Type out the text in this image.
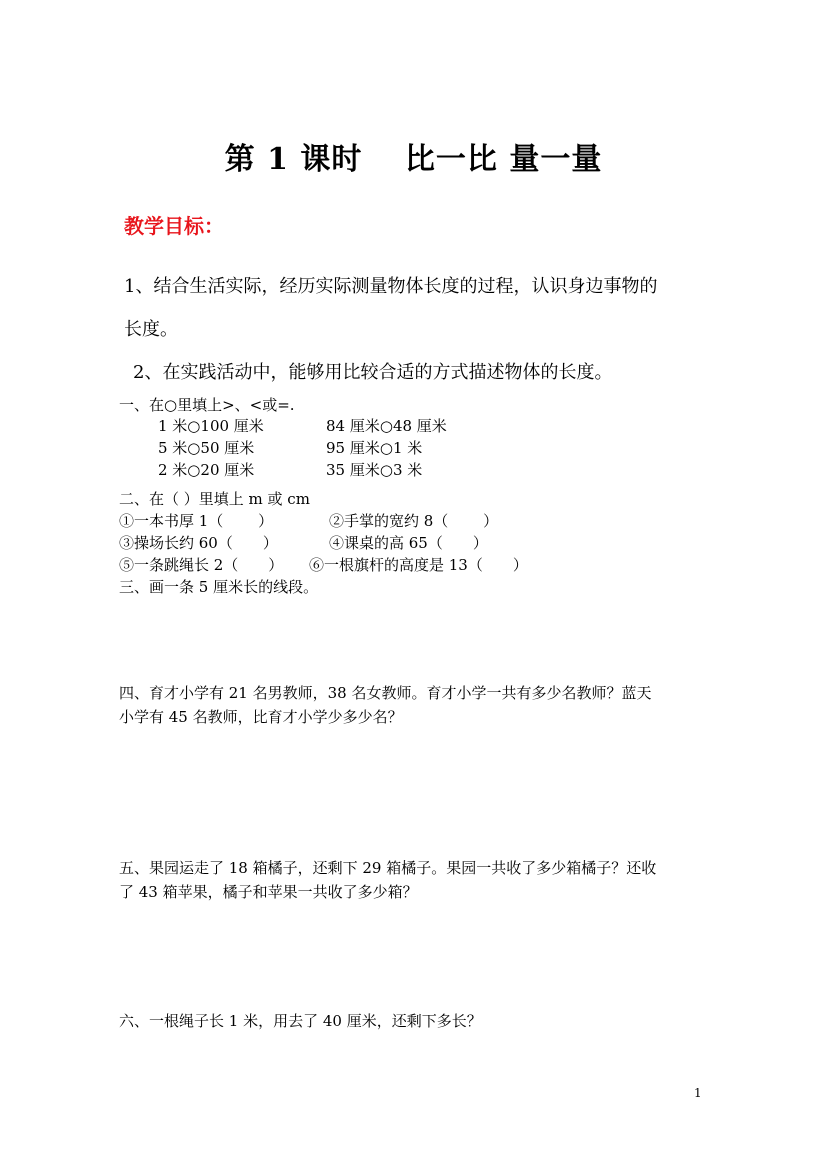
第 1 课时　 比一比 量一量
教学目标：
1、结合生活实际，经历实际测量物体长度的过程，认识身边事物的
长度。
2、在实践活动中，能够用比较合适的方式描述物体的长度。
一、在○里填上>、<或=.
1 米○100 厘米	84 厘米○48 厘米
5 米○50 厘米	95 厘米○1 米
2 米○20 厘米	35 厘米○3 米
二、在（ ）里填上 m 或 cm
①一本书厚 1（　　 ）	②手掌的宽约 8（　　 ）
③操场长约 60（　　）	④课桌的高 65（　　）
⑤一条跳绳长 2（　　） ⑥一根旗杆的高度是 13（　　）
三、画一条 5 厘米长的线段。
四、育才小学有 21 名男教师，38 名女教师。育才小学一共有多少名教师？蓝天
小学有 45 名教师，比育才小学少多少名？
五、果园运走了 18 箱橘子，还剩下 29 箱橘子。果园一共收了多少箱橘子？还收
了 43 箱苹果，橘子和苹果一共收了多少箱？
六、一根绳子长 1 米，用去了 40 厘米，还剩下多长？
1
